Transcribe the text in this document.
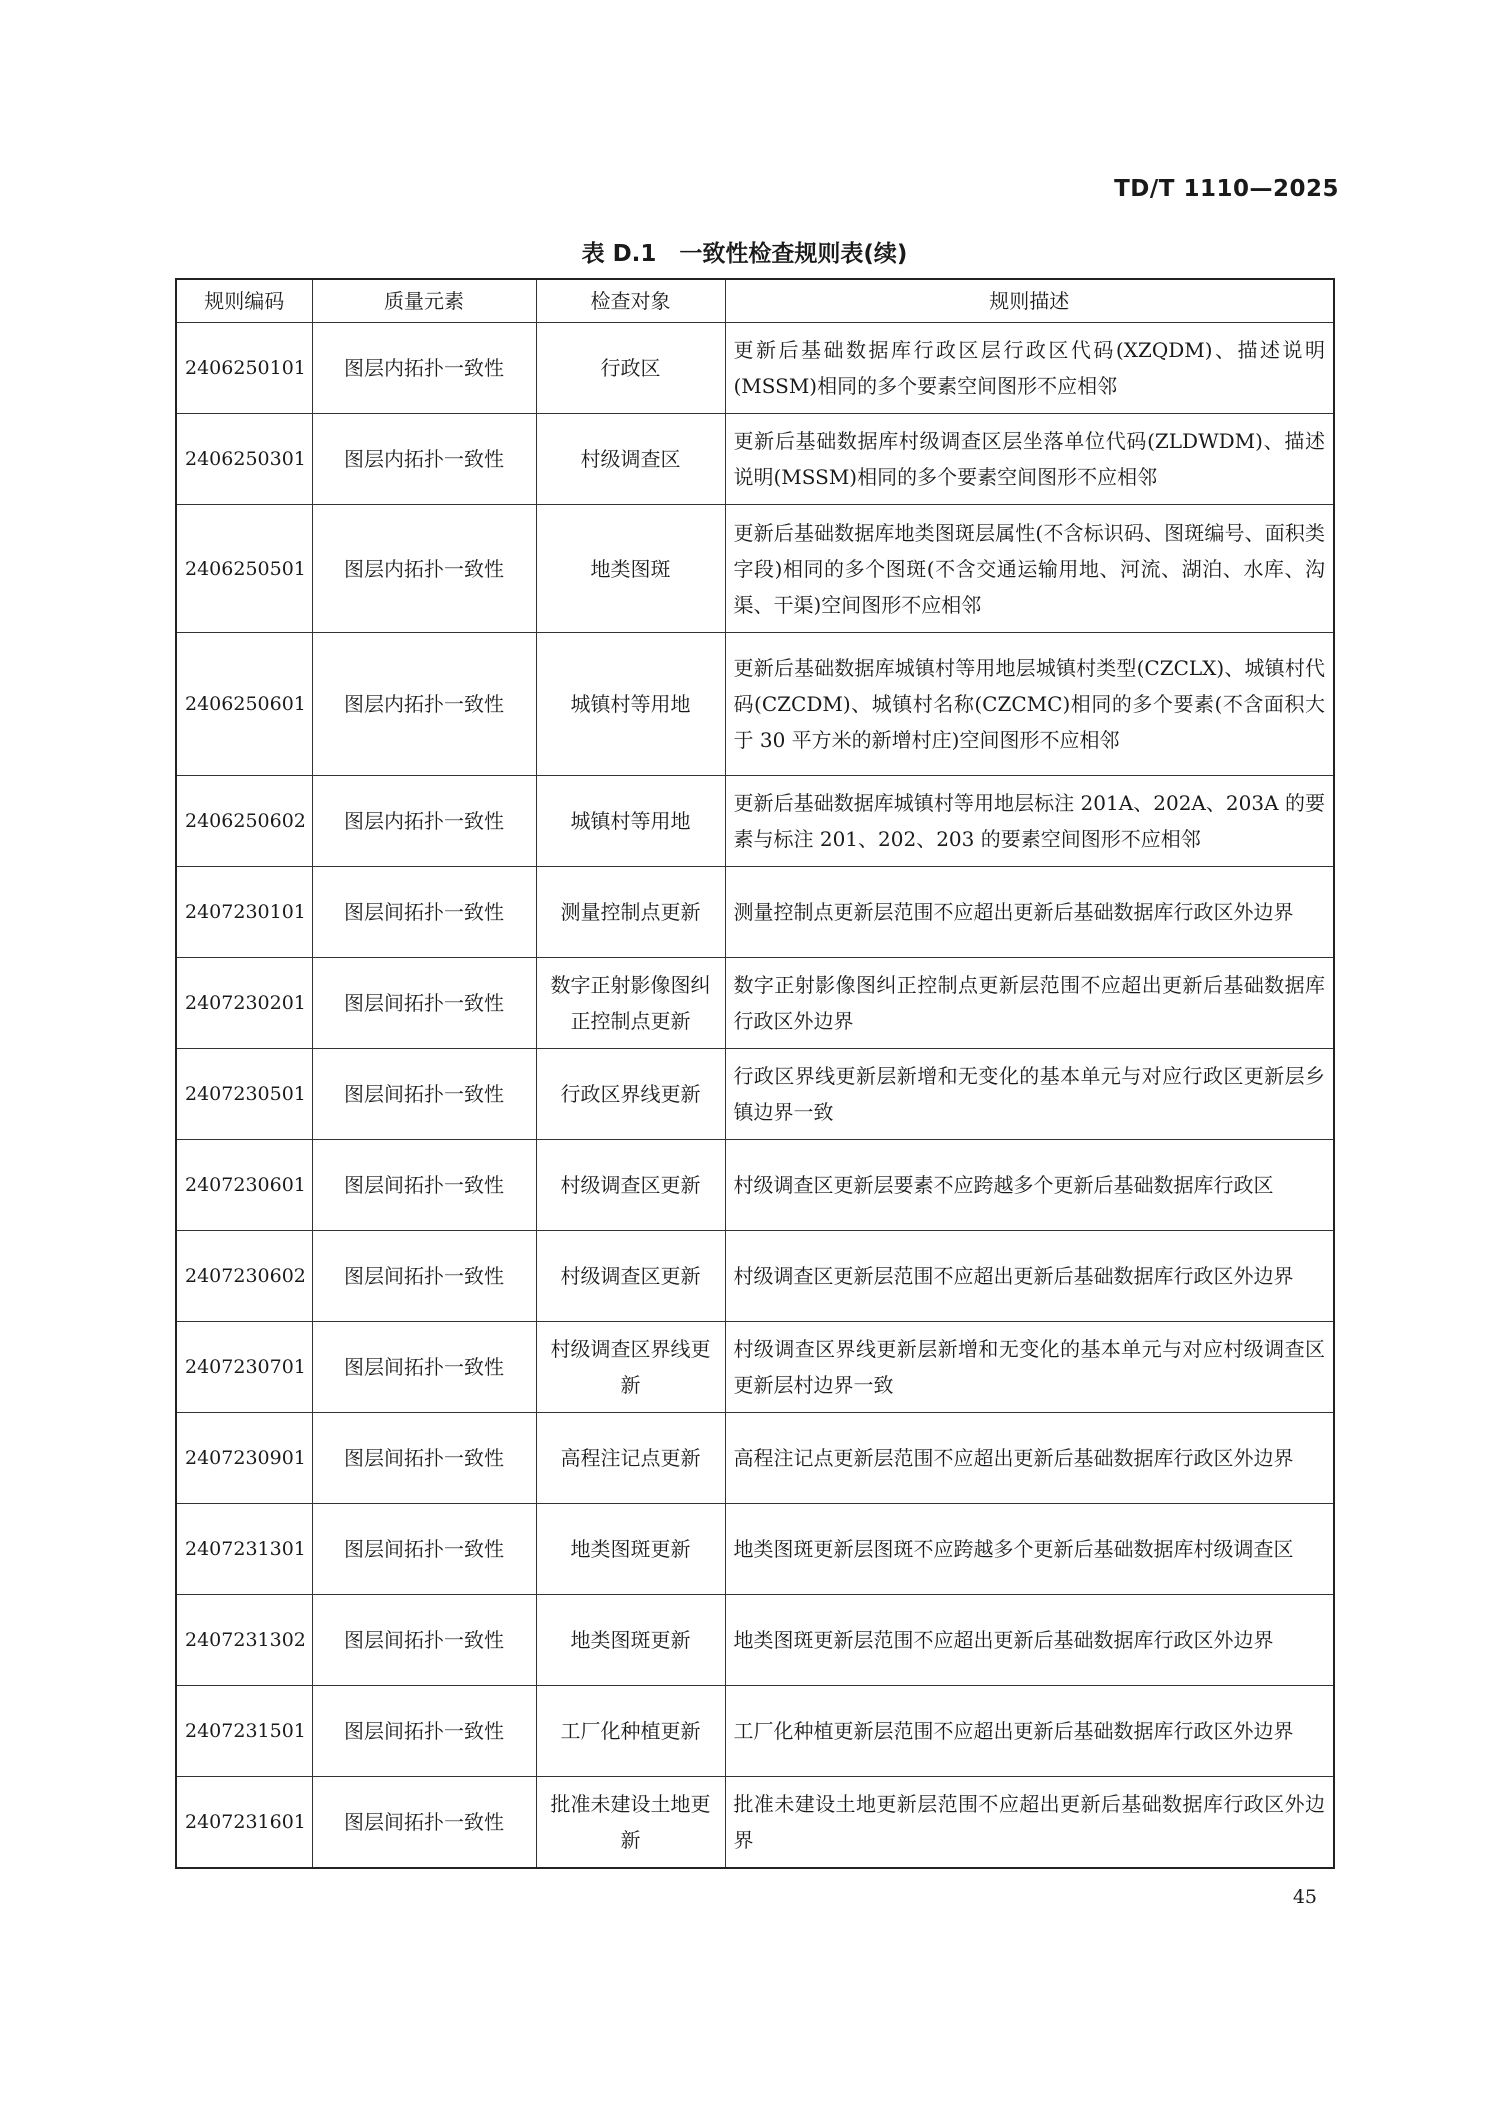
TD/T 1110—2025
表 D.1　一致性检查规则表(续)
规则编码	质量元素	检查对象	规则描述
2406250101	图层内拓扑一致性	行政区	更新后基础数据库行政区层行政区代码(XZQDM)、描述说明(MSSM)相同的多个要素空间图形不应相邻
2406250301	图层内拓扑一致性	村级调查区	更新后基础数据库村级调查区层坐落单位代码(ZLDWDM)、描述说明(MSSM)相同的多个要素空间图形不应相邻
2406250501	图层内拓扑一致性	地类图斑	更新后基础数据库地类图斑层属性(不含标识码、图斑编号、面积类字段)相同的多个图斑(不含交通运输用地、河流、湖泊、水库、沟渠、干渠)空间图形不应相邻
2406250601	图层内拓扑一致性	城镇村等用地	更新后基础数据库城镇村等用地层城镇村类型(CZCLX)、城镇村代码(CZCDM)、城镇村名称(CZCMC)相同的多个要素(不含面积大于 30 平方米的新增村庄)空间图形不应相邻
2406250602	图层内拓扑一致性	城镇村等用地	更新后基础数据库城镇村等用地层标注 201A、202A、203A 的要素与标注 201、202、203 的要素空间图形不应相邻
2407230101	图层间拓扑一致性	测量控制点更新	测量控制点更新层范围不应超出更新后基础数据库行政区外边界
2407230201	图层间拓扑一致性	数字正射影像图纠正控制点更新	数字正射影像图纠正控制点更新层范围不应超出更新后基础数据库行政区外边界
2407230501	图层间拓扑一致性	行政区界线更新	行政区界线更新层新增和无变化的基本单元与对应行政区更新层乡镇边界一致
2407230601	图层间拓扑一致性	村级调查区更新	村级调查区更新层要素不应跨越多个更新后基础数据库行政区
2407230602	图层间拓扑一致性	村级调查区更新	村级调查区更新层范围不应超出更新后基础数据库行政区外边界
2407230701	图层间拓扑一致性	村级调查区界线更新	村级调查区界线更新层新增和无变化的基本单元与对应村级调查区更新层村边界一致
2407230901	图层间拓扑一致性	高程注记点更新	高程注记点更新层范围不应超出更新后基础数据库行政区外边界
2407231301	图层间拓扑一致性	地类图斑更新	地类图斑更新层图斑不应跨越多个更新后基础数据库村级调查区
2407231302	图层间拓扑一致性	地类图斑更新	地类图斑更新层范围不应超出更新后基础数据库行政区外边界
2407231501	图层间拓扑一致性	工厂化种植更新	工厂化种植更新层范围不应超出更新后基础数据库行政区外边界
2407231601	图层间拓扑一致性	批准未建设土地更新	批准未建设土地更新层范围不应超出更新后基础数据库行政区外边界
45
